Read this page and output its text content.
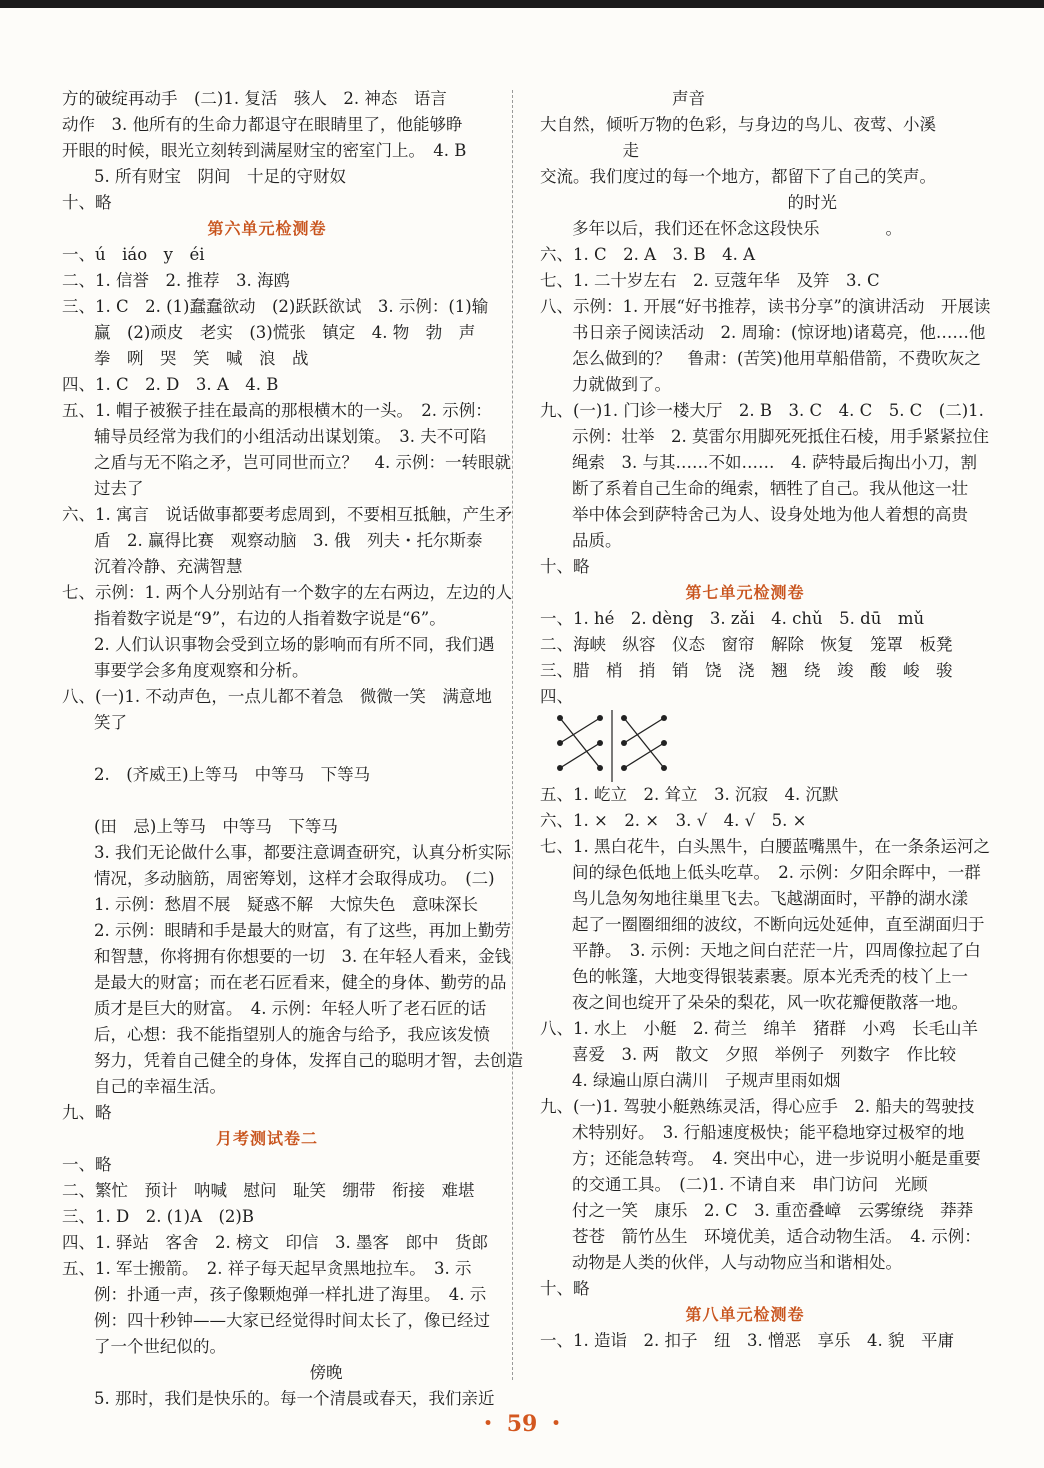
方的破绽再动手　(二)1. 复活　骇人　2. 神态　语言
动作　3. 他所有的生命力都退守在眼睛里了，他能够睁
开眼的时候，眼光立刻转到满屋财宝的密室门上。　4. B
5. 所有财宝　阴间　十足的守财奴
十、略
第六单元检测卷
一、ú　iáo　y　éi
二、1. 信誉　2. 推荐　3. 海鸥
三、1. C　2. (1)蠢蠢欲动　(2)跃跃欲试　3. 示例：(1)输
赢　(2)顽皮　老实　(3)慌张　镇定　4. 物　勃　声
拳　咧　哭　笑　喊　浪　战
四、1. C　2. D　3. A　4. B
五、1. 帽子被猴子挂在最高的那根横木的一头。　2. 示例：
辅导员经常为我们的小组活动出谋划策。　3. 夫不可陷
之盾与无不陷之矛，岂可同世而立？　4. 示例：一转眼就
过去了
六、1. 寓言　说话做事都要考虑周到，不要相互抵触，产生矛
盾　2. 赢得比赛　观察动脑　3. 俄　列夫・托尔斯泰
沉着冷静、充满智慧
七、示例：1. 两个人分别站有一个数字的左右两边，左边的人
指着数字说是“9”，右边的人指着数字说是“6”。
2. 人们认识事物会受到立场的影响而有所不同，我们遇
事要学会多角度观察和分析。
八、(一)1. 不动声色，一点儿都不着急　微微一笑　满意地
笑了
2.　(齐威王)上等马　中等马　下等马
(田　忌)上等马　中等马　下等马
3. 我们无论做什么事，都要注意调查研究，认真分析实际
情况，多动脑筋，周密筹划，这样才会取得成功。　(二)
1. 示例：愁眉不展　疑惑不解　大惊失色　意味深长
2. 示例：眼睛和手是最大的财富，有了这些，再加上勤劳
和智慧，你将拥有你想要的一切　3. 在年轻人看来，金钱
是最大的财富；而在老石匠看来，健全的身体、勤劳的品
质才是巨大的财富。　4. 示例：年轻人听了老石匠的话
后，心想：我不能指望别人的施舍与给予，我应该发愤
努力，凭着自己健全的身体，发挥自己的聪明才智，去创造
自己的幸福生活。
九、略
月考测试卷二
一、略
二、繁忙　预计　呐喊　慰问　耻笑　绷带　衔接　难堪
三、1. D　2. (1)A　(2)B
四、1. 驿站　客舍　2. 榜文　印信　3. 墨客　郎中　货郎
五、1. 军士搬箭。　2. 祥子每天起早贪黑地拉车。　3. 示
例：扑通一声，孩子像颗炮弹一样扎进了海里。　4. 示
例：四十秒钟——大家已经觉得时间太长了，像已经过
了一个世纪似的。
　　　　　　　　　　　　　　　傍晚
5. 那时，我们是快乐的。每一个清晨或春天，我们亲近
　　　　　　　　声音
大自然，倾听万物的色彩，与身边的鸟儿、夜莺、小溪
　　　　　走
交流。我们度过的每一个地方，都留下了自己的笑声。
　　　　　　　　　　　　　　　的时光
多年以后，我们还在怀念这段快乐　　　　。
六、1. C　2. A　3. B　4. A
七、1. 二十岁左右　2. 豆蔻年华　及笄　3. C
八、示例：1. 开展“好书推荐，读书分享”的演讲活动　开展读
书日亲子阅读活动　2. 周瑜：(惊讶地)诸葛亮，他……他
怎么做到的？　鲁肃：(苦笑)他用草船借箭，不费吹灰之
力就做到了。
九、(一)1. 门诊一楼大厅　2. B　3. C　4. C　5. C　(二)1.
示例：壮举　2. 莫雷尔用脚死死抵住石棱，用手紧紧拉住
绳索　3. 与其……不如……　4. 萨特最后掏出小刀，割
断了系着自己生命的绳索，牺牲了自己。我从他这一壮
举中体会到萨特舍己为人、设身处地为他人着想的高贵
品质。
十、略
第七单元检测卷
一、1. hé　2. dèng　3. zǎi　4. chǔ　5. dū　mǔ
二、海峡　纵容　仪态　窗帘　解除　恢复　笼罩　板凳
三、腊　梢　捎　销　饶　浇　翘　绕　竣　酸　峻　骏
四、
五、1. 屹立　2. 耸立　3. 沉寂　4. 沉默
六、1. ×　2. ×　3. √　4. √　5. ×
七、1. 黑白花牛，白头黑牛，白腰蓝嘴黑牛，在一条条运河之
间的绿色低地上低头吃草。　2. 示例：夕阳余晖中，一群
鸟儿急匆匆地往巢里飞去。飞越湖面时，平静的湖水漾
起了一圈圈细细的波纹，不断向远处延伸，直至湖面归于
平静。　3. 示例：天地之间白茫茫一片，四周像拉起了白
色的帐篷，大地变得银装素裹。原本光秃秃的枝丫上一
夜之间也绽开了朵朵的梨花，风一吹花瓣便散落一地。
八、1. 水上　小艇　2. 荷兰　绵羊　猪群　小鸡　长毛山羊
喜爱　3. 两　散文　夕照　举例子　列数字　作比较
4. 绿遍山原白满川　子规声里雨如烟
九、(一)1. 驾驶小艇熟练灵活，得心应手　2. 船夫的驾驶技
术特别好。　3. 行船速度极快；能平稳地穿过极窄的地
方；还能急转弯。　4. 突出中心，进一步说明小艇是重要
的交通工具。　(二)1. 不请自来　串门访问　光顾
付之一笑　康乐　2. C　3. 重峦叠嶂　云雾缭绕　莽莽
苍苍　箭竹丛生　环境优美，适合动物生活。　4. 示例：
动物是人类的伙伴，人与动物应当和谐相处。
十、略
第八单元检测卷
一、1. 造诣　2. 扣子　纽　3. 憎恶　享乐　4. 貌　平庸
・ 59 ・
